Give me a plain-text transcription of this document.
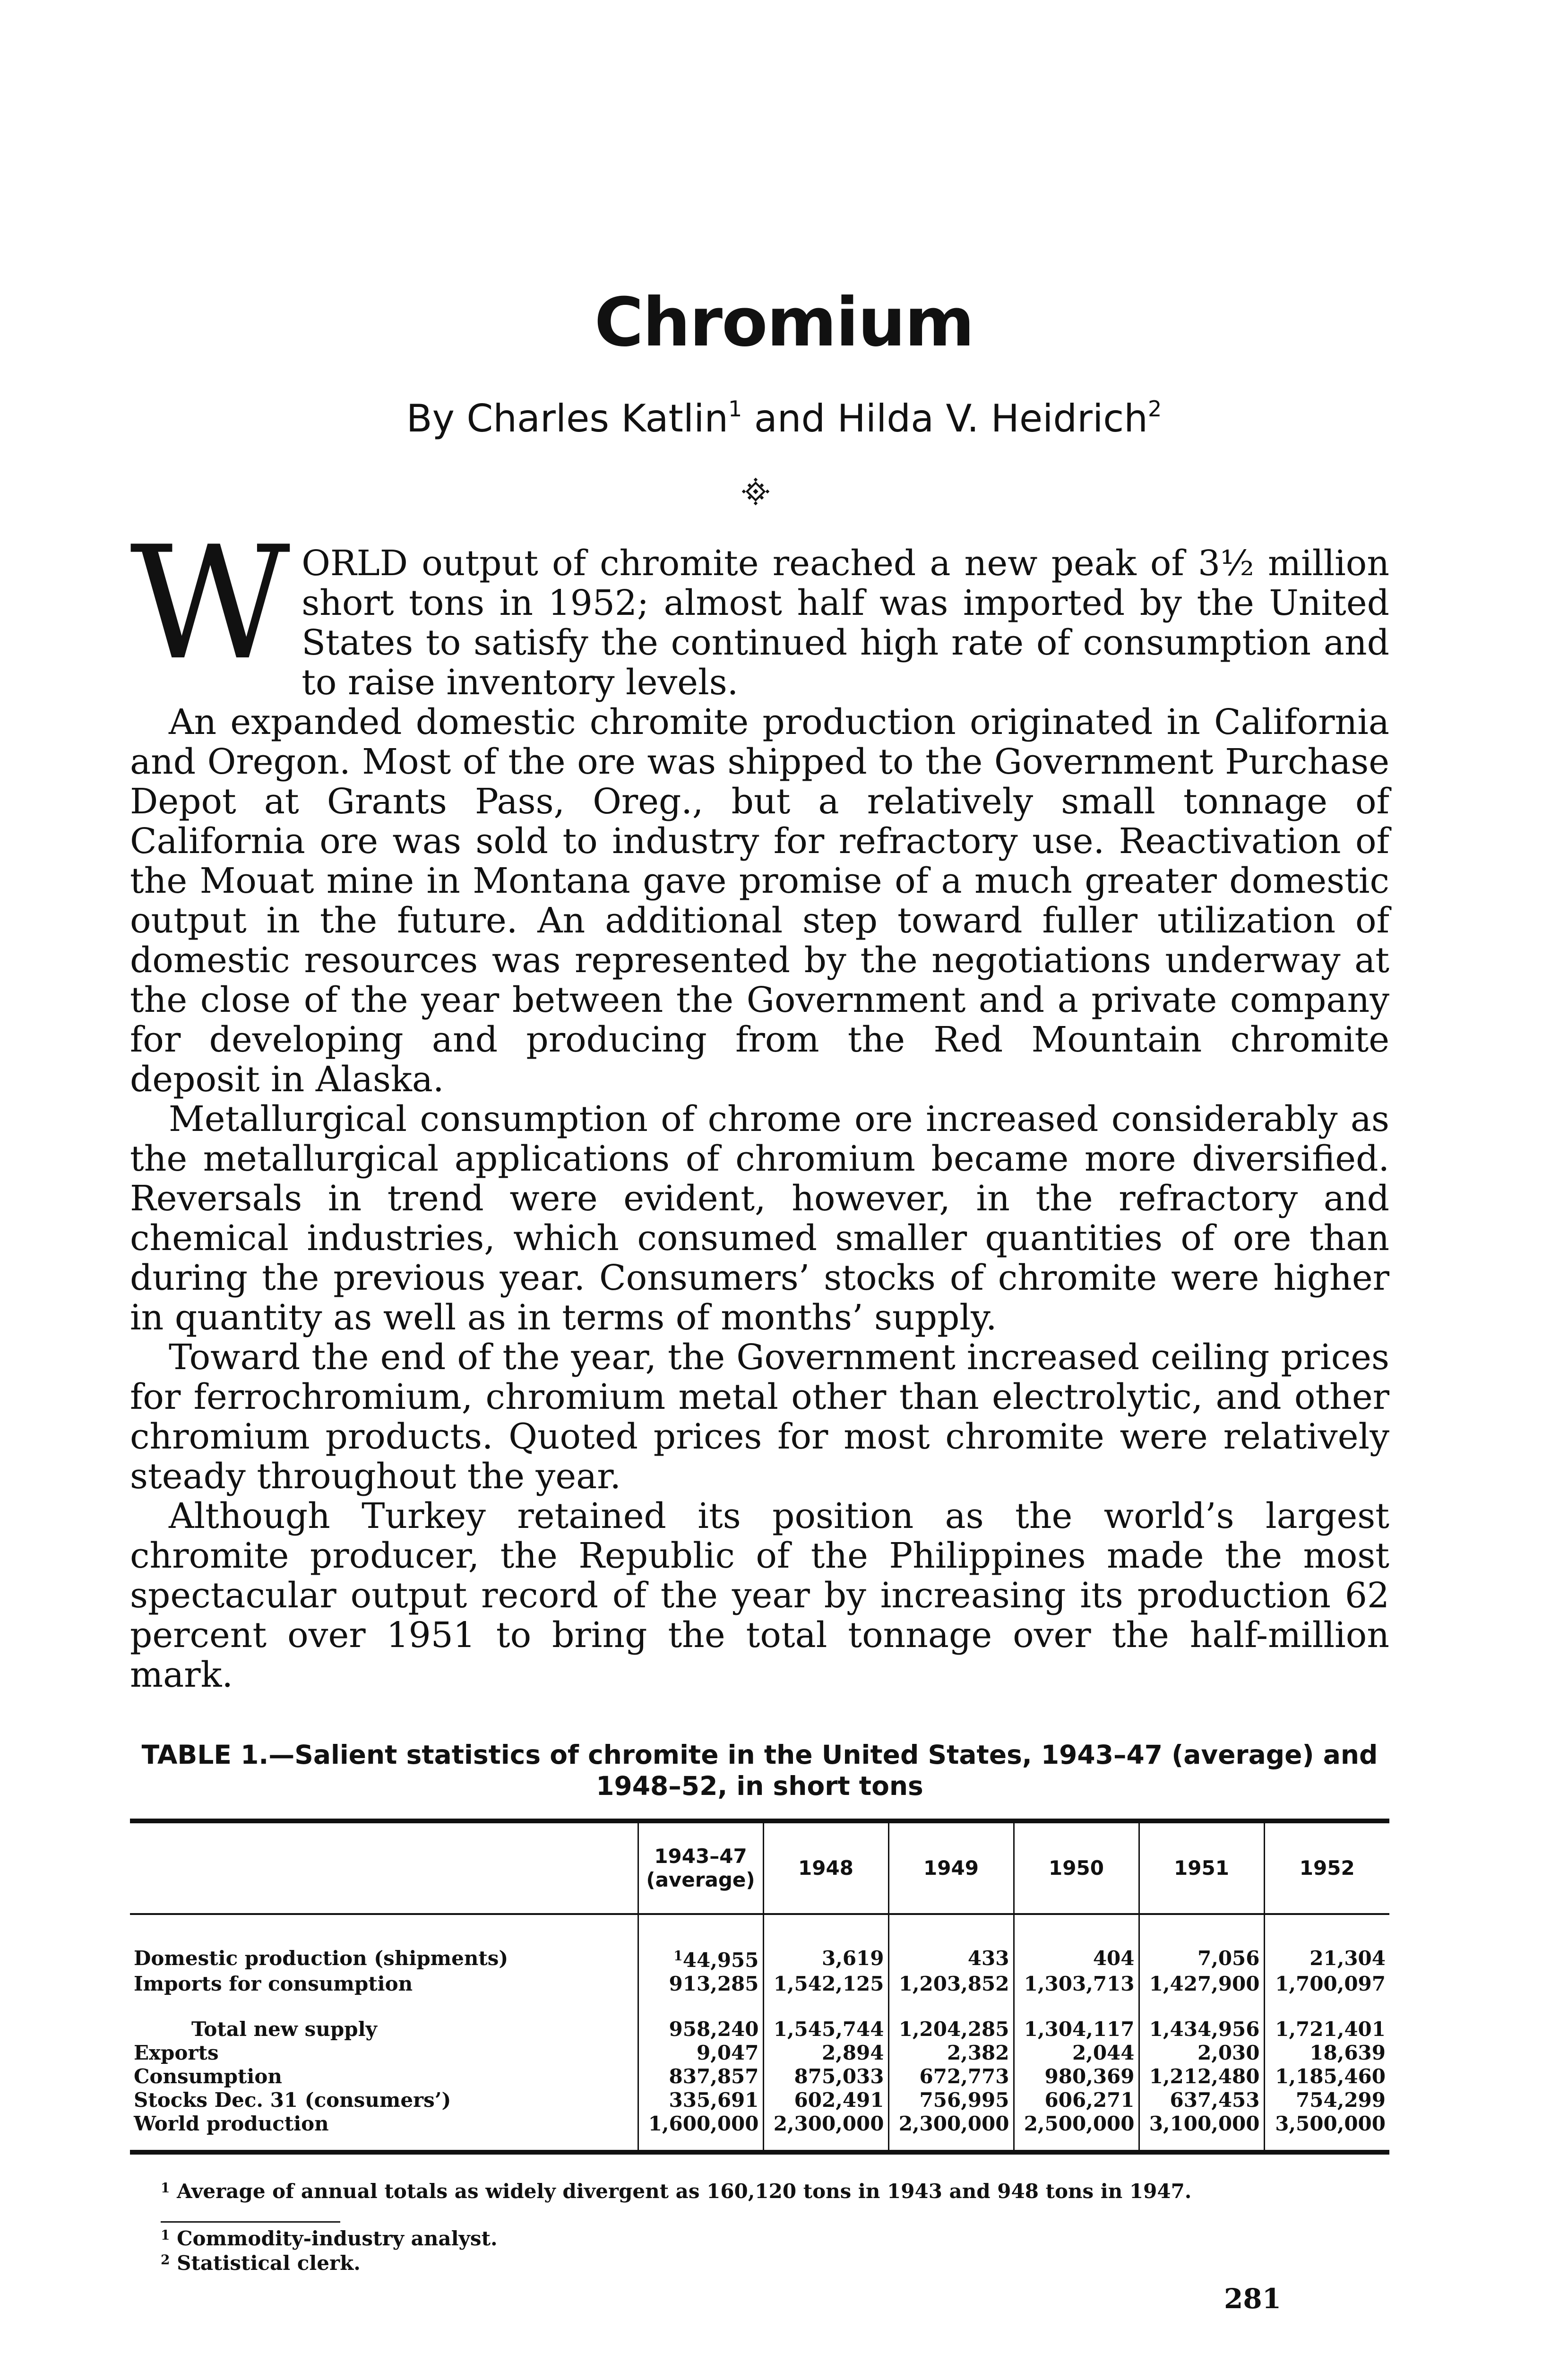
Chromium
By Charles Katlin$^1$ and Hilda V. Heidrich$^2$

WORLD output of chromite reached a new peak of 3½ million short tons in 1952; almost half was imported by the United States to satisfy the continued high rate of consumption and to raise inventory levels.

An expanded domestic chromite production originated in California and Oregon. Most of the ore was shipped to the Government Purchase Depot at Grants Pass, Oreg., but a relatively small tonnage of California ore was sold to industry for refractory use. Reactivation of the Mouat mine in Montana gave promise of a much greater domestic output in the future. An additional step toward fuller utilization of domestic resources was represented by the negotiations underway at the close of the year between the Government and a private company for developing and producing from the Red Mountain chromite deposit in Alaska.

Metallurgical consumption of chrome ore increased considerably as the metallurgical applications of chromium became more diversified. Reversals in trend were evident, however, in the refractory and chemical industries, which consumed smaller quantities of ore than during the previous year. Consumers’ stocks of chromite were higher in quantity as well as in terms of months’ supply.

Toward the end of the year, the Government increased ceiling prices for ferrochromium, chromium metal other than electrolytic, and other chromium products. Quoted prices for most chromite were relatively steady throughout the year.

Although Turkey retained its position as the world’s largest chromite producer, the Republic of the Philippines made the most spectacular output record of the year by increasing its production 62 percent over 1951 to bring the total tonnage over the half-million mark.

TABLE 1.—Salient statistics of chromite in the United States, 1943–47 (average) and 1948–52, in short tons
	1943–47 (average)	1948	1949	1950	1951	1952
Domestic production (shipments)	$^1$44,955	3,619	433	404	7,056	21,304
Imports for consumption	913,285	1,542,125	1,203,852	1,303,713	1,427,900	1,700,097
Total new supply	958,240	1,545,744	1,204,285	1,304,117	1,434,956	1,721,401
Exports	9,047	2,894	2,382	2,044	2,030	18,639
Consumption	837,857	875,033	672,773	980,369	1,212,480	1,185,460
Stocks Dec. 31 (consumers’)	335,691	602,491	756,995	606,271	637,453	754,299
World production	1,600,000	2,300,000	2,300,000	2,500,000	3,100,000	3,500,000
$^1$ Average of annual totals as widely divergent as 160,120 tons in 1943 and 948 tons in 1947.
$^1$ Commodity-industry analyst.
$^2$ Statistical clerk.
281
